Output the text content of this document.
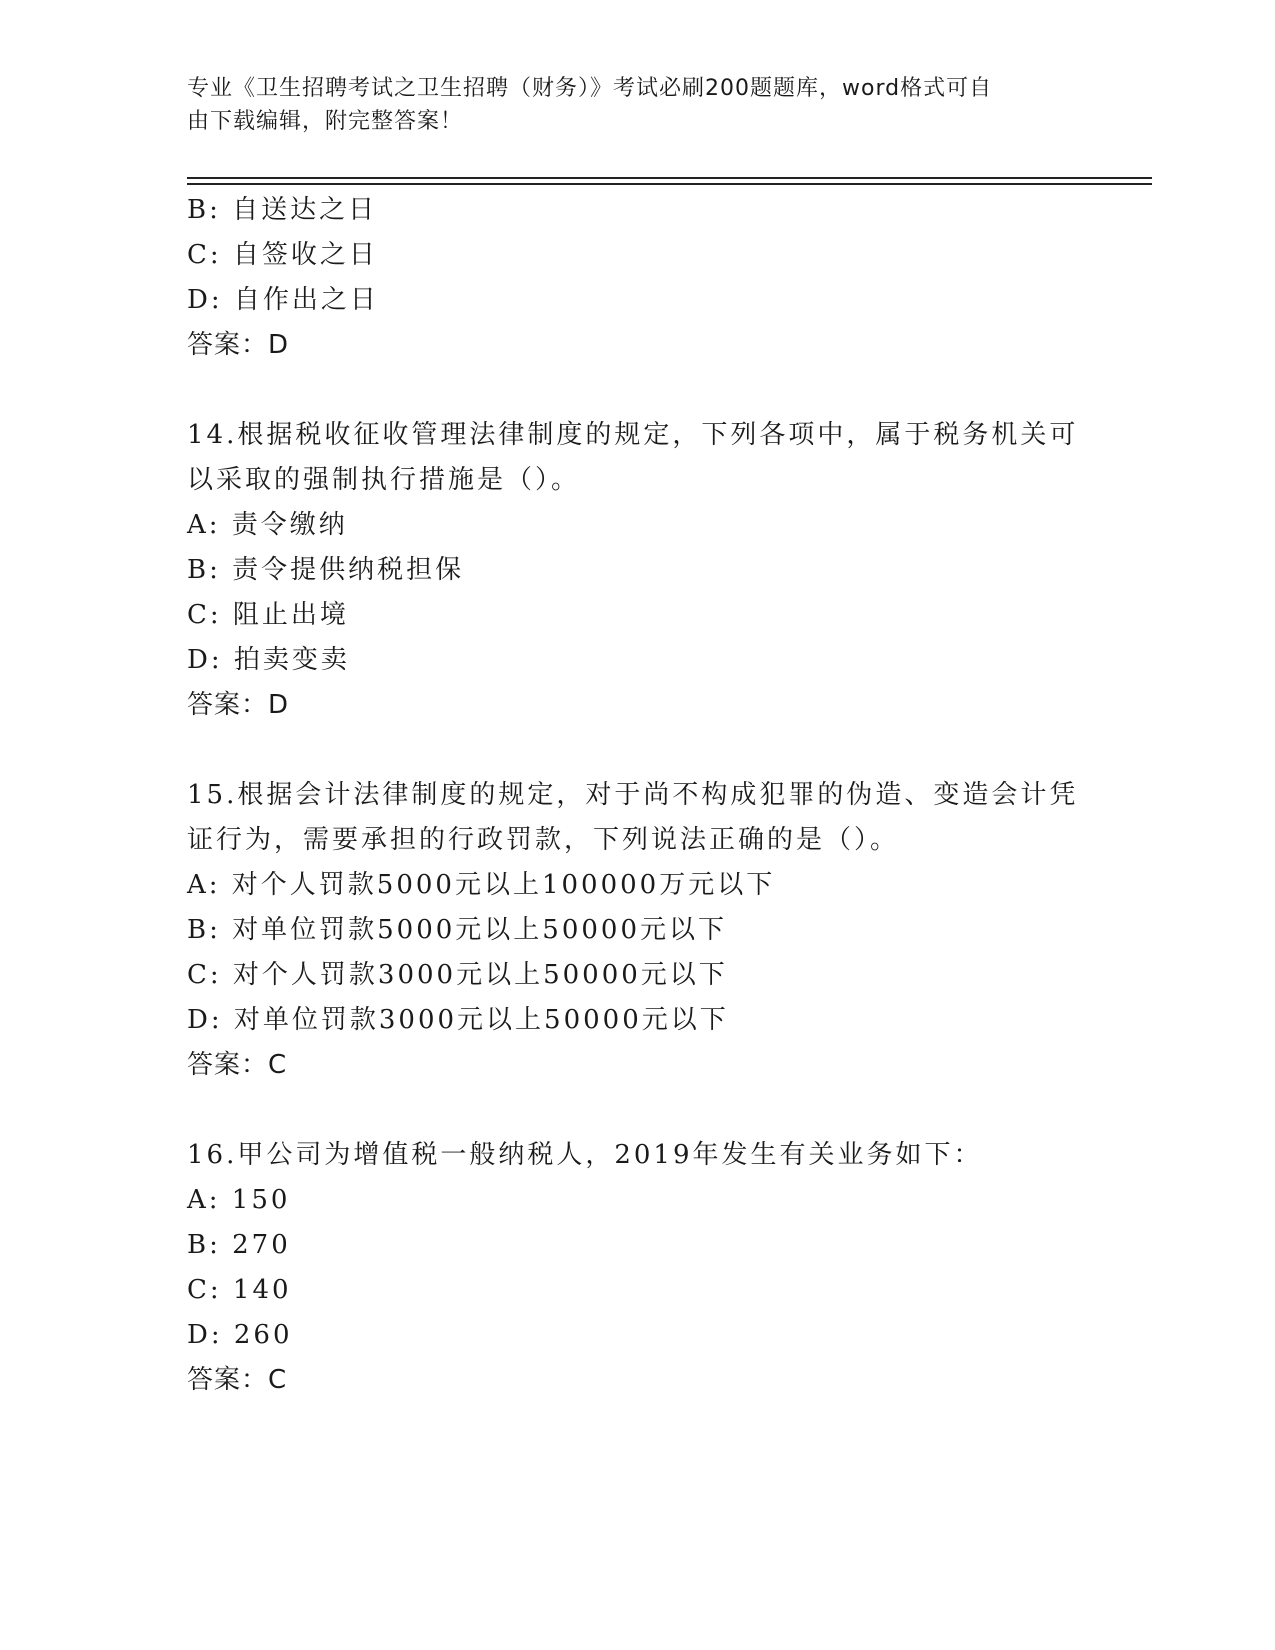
专业《卫生招聘考试之卫生招聘（财务）》考试必刷200题题库，word格式可自
由下载编辑，附完整答案！
B: 自送达之日
C: 自签收之日
D: 自作出之日
答案：D
14.根据税收征收管理法律制度的规定，下列各项中，属于税务机关可
以采取的强制执行措施是（）。
A: 责令缴纳
B: 责令提供纳税担保
C: 阻止出境
D: 拍卖变卖
答案：D
15.根据会计法律制度的规定，对于尚不构成犯罪的伪造、变造会计凭
证行为，需要承担的行政罚款，下列说法正确的是（）。
A: 对个人罚款5000元以上100000万元以下
B: 对单位罚款5000元以上50000元以下
C: 对个人罚款3000元以上50000元以下
D: 对单位罚款3000元以上50000元以下
答案：C
16.甲公司为增值税一般纳税人，2019年发生有关业务如下：
A: 150
B: 270
C: 140
D: 260
答案：C
